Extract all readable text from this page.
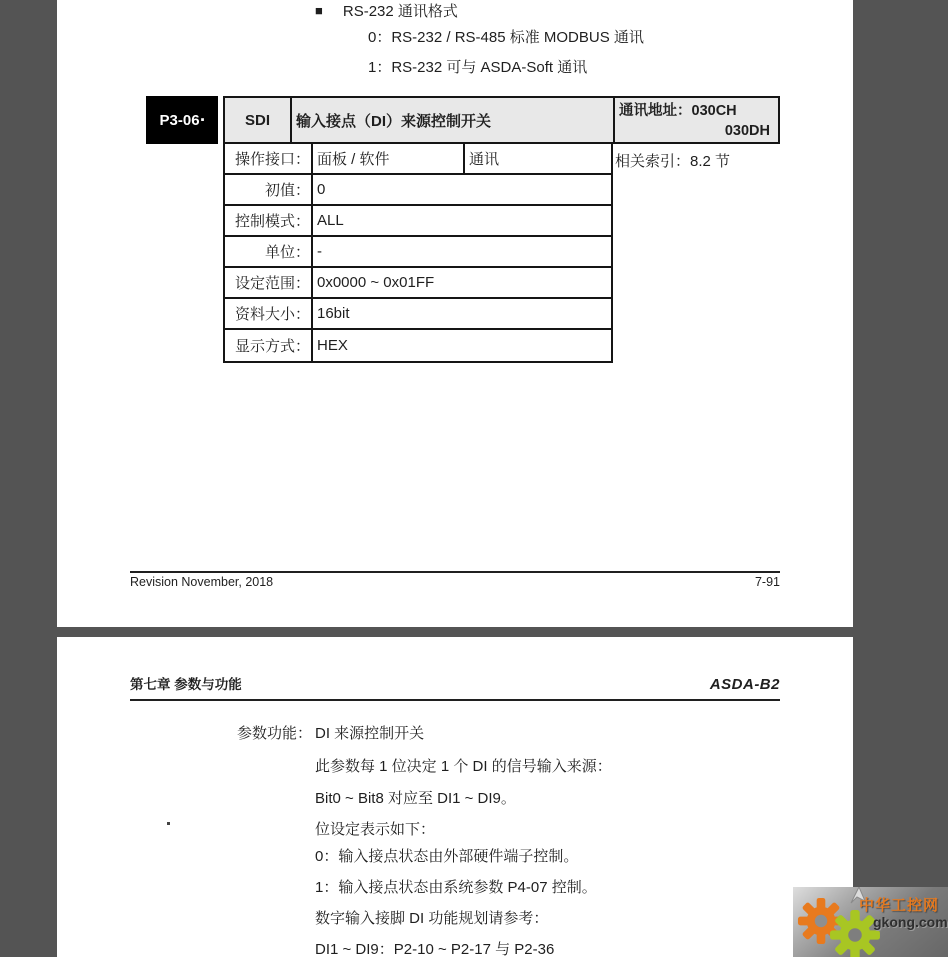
■ RS-232 通讯格式
0：RS-232 / RS-485 标准 MODBUS 通讯
1：RS-232 可与 ASDA-Soft 通讯
P3-06 ▪	SDI	输入接点（DI）来源控制开关
通讯地址：030CH
030DH
操作接口： 面板 / 软件	通讯
初值： 0
控制模式： ALL
单位： -
设定范围： 0x0000 ~ 0x01FF
资料大小： 16bit
显示方式： HEX
相关索引：8.2 节
Revision November, 2018	7-91
第七章 参数与功能	ASDA-B2
参数功能： DI 来源控制开关
此参数每 1 位决定 1 个 DI 的信号输入来源：
Bit0 ~ Bit8 对应至 DI1 ~ DI9。
位设定表示如下：
0：输入接点状态由外部硬件端子控制。
1：输入接点状态由系统参数 P4-07 控制。
数字输入接脚 DI 功能规划请参考：
DI1 ~ DI9：P2-10 ~ P2-17 与 P2-36
中华工控网
gkong.com
